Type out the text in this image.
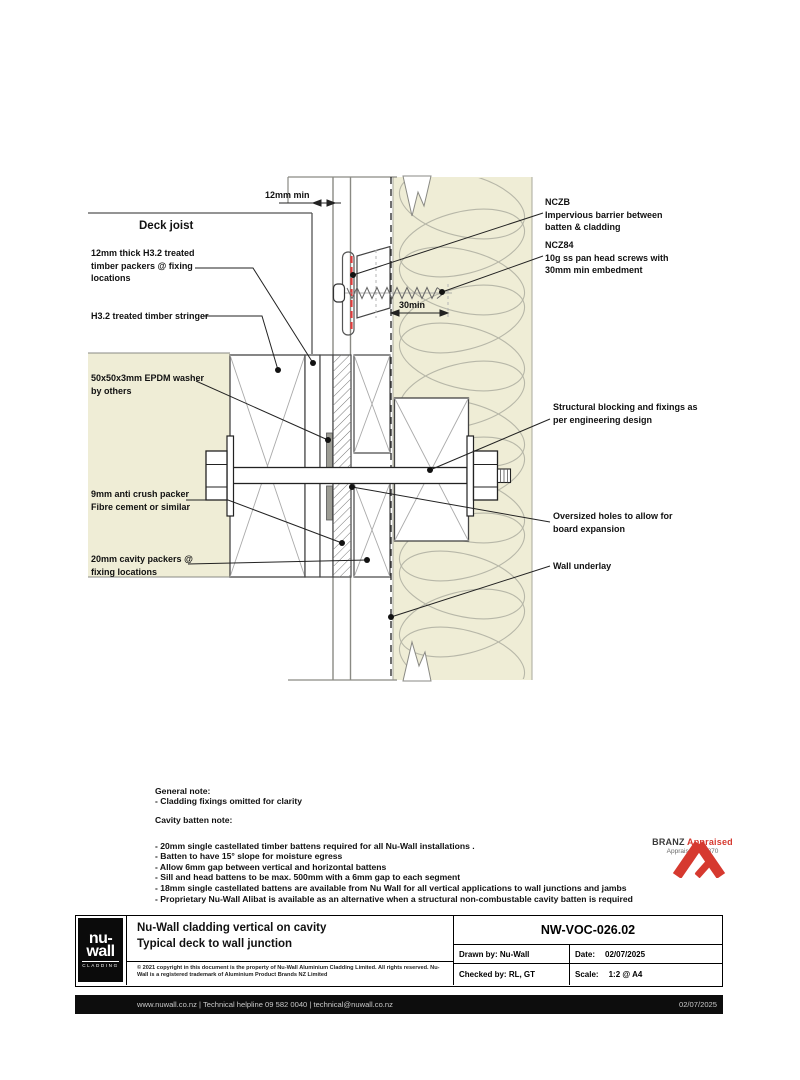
Deck joist
12mm thick H3.2 treated
timber packers @ fixing
locations
H3.2 treated timber stringer
50x50x3mm EPDM washer
by others
9mm anti crush packer
Fibre cement or similar
20mm cavity packers @
fixing locations
NCZB
Impervious barrier between
batten & cladding
NCZ84
10g ss pan head screws with
30mm min embedment
Structural blocking and fixings as
per engineering design
Oversized holes to allow for
board expansion
Wall underlay
12mm min
30min
General note:
- Cladding fixings omitted for clarity
Cavity batten note:
- 20mm single castellated timber battens required for all Nu-Wall installations .
- Batten to have 15° slope for moisture egress
- Allow 6mm gap between vertical and horizontal battens
- Sill and head battens to be max. 500mm with a 6mm gap to each segment
- 18mm single castellated battens are available from Nu Wall for all vertical applications to wall junctions and jambs
- Proprietary Nu-Wall Alibat is available as an alternative when a structural non-combustable cavity batten is required
BRANZ Appraised
Appraisal No. 870
nu-
wall
CLADDING
Nu-Wall cladding vertical on cavity
Typical deck to wall junction
© 2021 copyright in this document is the property of Nu-Wall Aluminium Cladding Limited. All rights reserved. Nu-Wall is a registered trademark of Aluminium Product Brands NZ Limited
NW-VOC-026.02
Drawn by: Nu-Wall	Date: 02/07/2025
Checked by: RL, GT	Scale: 1:2 @ A4
www.nuwall.co.nz | Technical helpline 09 582 0040 | technical@nuwall.co.nz	02/07/2025
